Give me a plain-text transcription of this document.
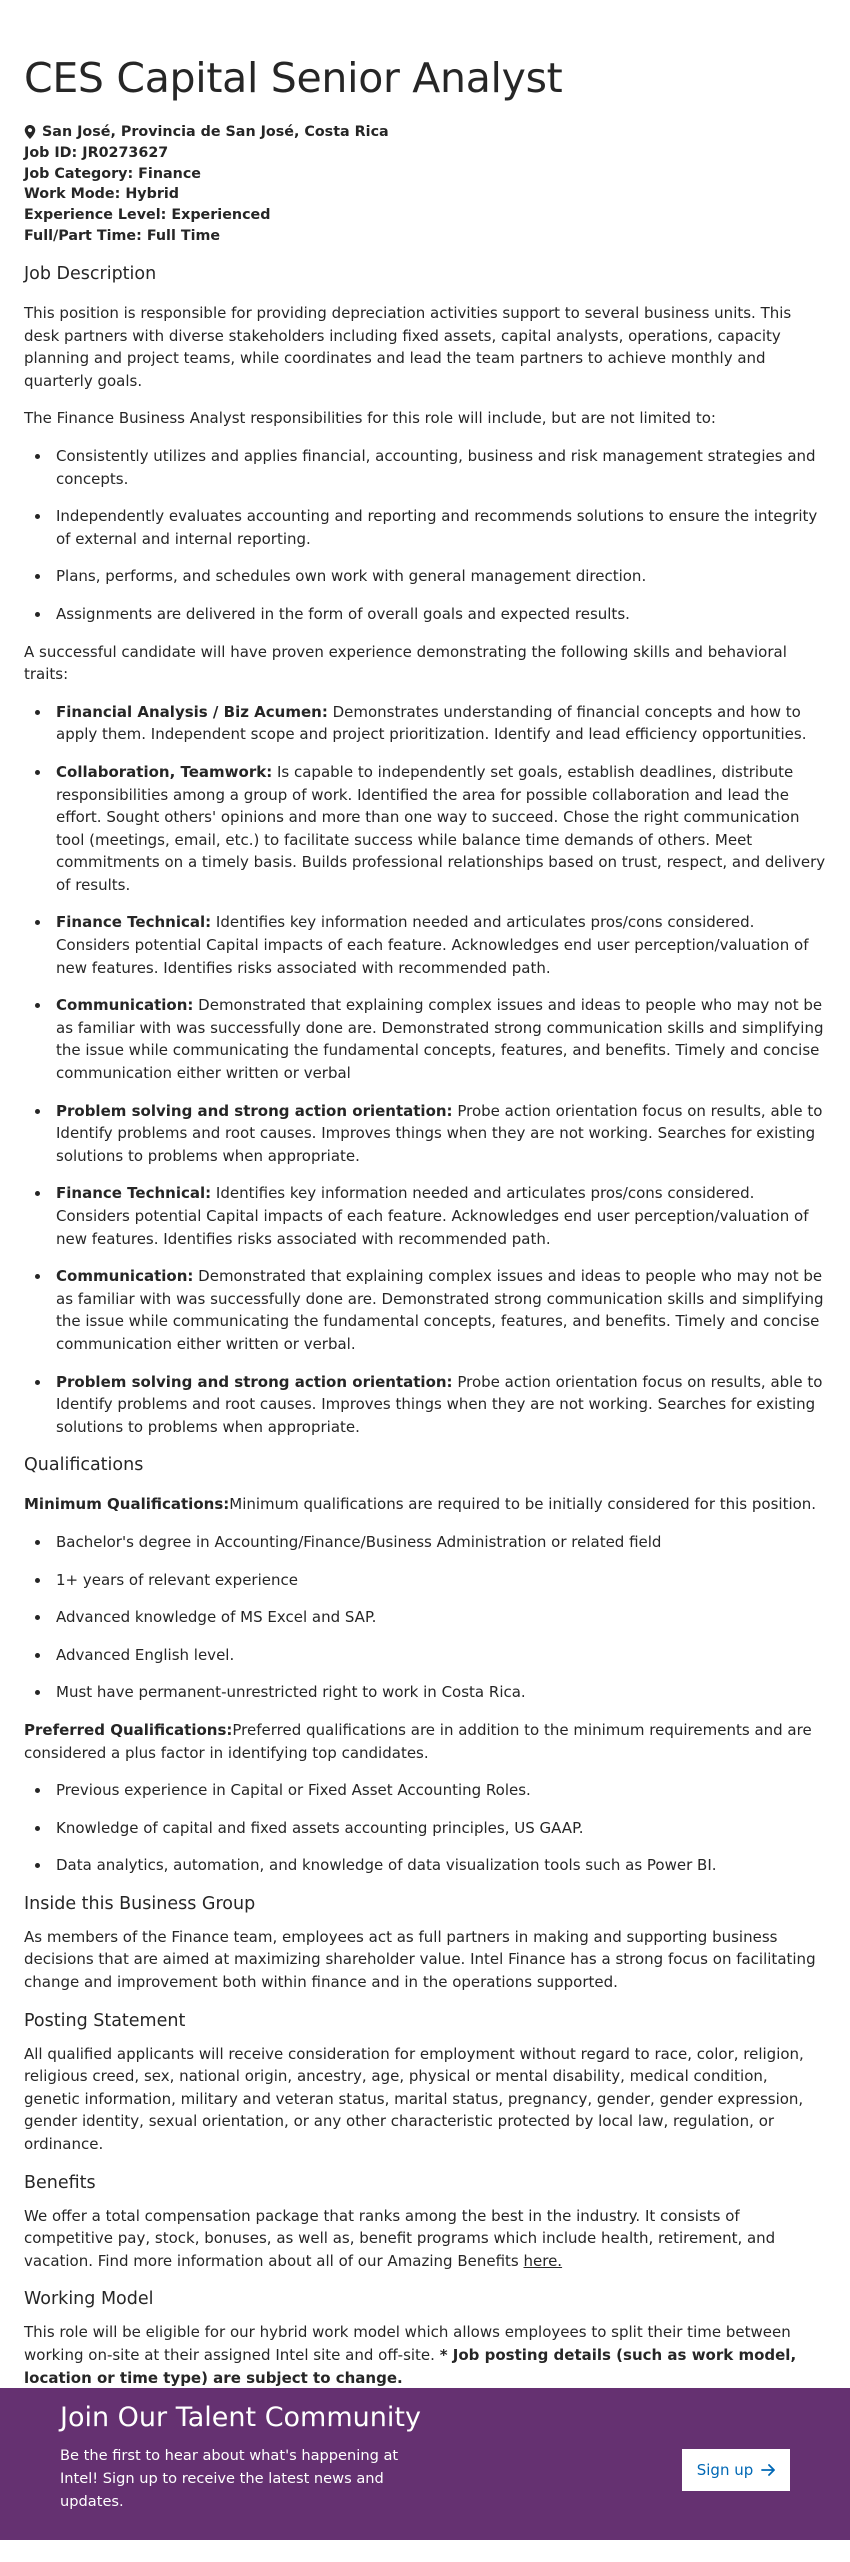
CES Capital Senior Analyst
San José, Provincia de San José, Costa Rica
Job ID: JR0273627
Job Category: Finance
Work Mode: Hybrid
Experience Level: Experienced
Full/Part Time: Full Time
Job Description

This position is responsible for providing depreciation activities support to several business units. This desk partners with diverse stakeholders including fixed assets, capital analysts, operations, capacity planning and project teams, while coordinates and lead the team partners to achieve monthly and quarterly goals.

The Finance Business Analyst responsibilities for this role will include, but are not limited to:

Consistently utilizes and applies financial, accounting, business and risk management strategies and concepts.
Independently evaluates accounting and reporting and recommends solutions to ensure the integrity of external and internal reporting.
Plans, performs, and schedules own work with general management direction.
Assignments are delivered in the form of overall goals and expected results.

A successful candidate will have proven experience demonstrating the following skills and behavioral traits:

Financial Analysis / Biz Acumen: Demonstrates understanding of financial concepts and how to apply them. Independent scope and project prioritization. Identify and lead efficiency opportunities.
Collaboration, Teamwork: Is capable to independently set goals, establish deadlines, distribute responsibilities among a group of work. Identified the area for possible collaboration and lead the effort. Sought others' opinions and more than one way to succeed. Chose the right communication tool (meetings, email, etc.) to facilitate success while balance time demands of others. Meet commitments on a timely basis. Builds professional relationships based on trust, respect, and delivery of results.
Finance Technical: Identifies key information needed and articulates pros/cons considered. Considers potential Capital impacts of each feature. Acknowledges end user perception/valuation of new features. Identifies risks associated with recommended path.
Communication: Demonstrated that explaining complex issues and ideas to people who may not be as familiar with was successfully done are. Demonstrated strong communication skills and simplifying the issue while communicating the fundamental concepts, features, and benefits. Timely and concise communication either written or verbal
Problem solving and strong action orientation: Probe action orientation focus on results, able to Identify problems and root causes. Improves things when they are not working. Searches for existing solutions to problems when appropriate.
Finance Technical: Identifies key information needed and articulates pros/cons considered. Considers potential Capital impacts of each feature. Acknowledges end user perception/valuation of new features. Identifies risks associated with recommended path.
Communication: Demonstrated that explaining complex issues and ideas to people who may not be as familiar with was successfully done are. Demonstrated strong communication skills and simplifying the issue while communicating the fundamental concepts, features, and benefits. Timely and concise communication either written or verbal.
Problem solving and strong action orientation: Probe action orientation focus on results, able to Identify problems and root causes. Improves things when they are not working. Searches for existing solutions to problems when appropriate.
Qualifications

Minimum Qualifications:Minimum qualifications are required to be initially considered for this position.

Bachelor's degree in Accounting/Finance/Business Administration or related field
1+ years of relevant experience
Advanced knowledge of MS Excel and SAP.
Advanced English level.
Must have permanent-unrestricted right to work in Costa Rica.

Preferred Qualifications:Preferred qualifications are in addition to the minimum requirements and are considered a plus factor in identifying top candidates.

Previous experience in Capital or Fixed Asset Accounting Roles.
Knowledge of capital and fixed assets accounting principles, US GAAP.
Data analytics, automation, and knowledge of data visualization tools such as Power BI.
Inside this Business Group

As members of the Finance team, employees act as full partners in making and supporting business decisions that are aimed at maximizing shareholder value. Intel Finance has a strong focus on facilitating change and improvement both within finance and in the operations supported.

Posting Statement

All qualified applicants will receive consideration for employment without regard to race, color, religion, religious creed, sex, national origin, ancestry, age, physical or mental disability, medical condition, genetic information, military and veteran status, marital status, pregnancy, gender, gender expression, gender identity, sexual orientation, or any other characteristic protected by local law, regulation, or ordinance.

Benefits

We offer a total compensation package that ranks among the best in the industry. It consists of competitive pay, stock, bonuses, as well as, benefit programs which include health, retirement, and vacation. Find more information about all of our Amazing Benefits here.

Working Model

This role will be eligible for our hybrid work model which allows employees to split their time between working on-site at their assigned Intel site and off-site. * Job posting details (such as work model, location or time type) are subject to change.

Join Our Talent Community

Be the first to hear about what's happening at Intel! Sign up to receive the latest news and updates.

Sign up
